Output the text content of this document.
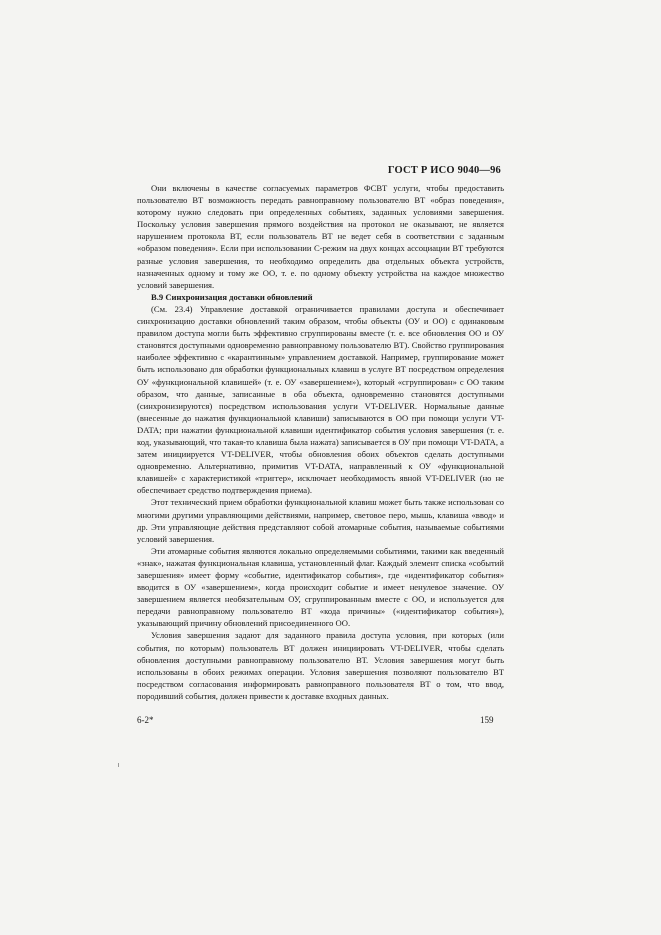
ГОСТ Р ИСО 9040—96

Они включены в качестве согласуемых параметров ФСВТ услуги, чтобы предоставить пользователю ВТ возможность передать равноправному пользователю ВТ «образ поведения», которому нужно следовать при определенных событиях, заданных условиями завершения. Поскольку условия завершения прямого воздействия на протокол не оказывают, не является нарушением протокола ВТ, если пользователь ВТ не ведет себя в соответствии с заданным «образом поведения». Если при использовании С-режим на двух концах ассоциации ВТ требуются разные условия завершения, то необходимо определить два отдельных объекта устройств, назначенных одному и тому же ОО, т. е. по одному объекту устройства на каждое множество условий завершения.

В.9 Синхронизация доставки обновлений

(См. 23.4) Управление доставкой ограничивается правилами доступа и обеспечивает синхронизацию доставки обновлений таким образом, чтобы объекты (ОУ и ОО) с одинаковым правилом доступа могли быть эффективно сгруппированы вместе (т. е. все обновления ОО и ОУ становятся доступными одновременно равноправному пользователю ВТ). Свойство группирования наиболее эффективно с «карантинным» управлением доставкой. Например, группирование может быть использовано для обработки функциональных клавиш в услуге ВТ посредством определения ОУ «функциональной клавишей» (т. е. ОУ «завершением»), который «сгруппирован» с ОО таким образом, что данные, записанные в оба объекта, одновременно становятся доступными (синхронизируются) посредством использования услуги VT-DELIVER. Нормальные данные (внесенные до нажатия функциональной клавиши) записываются в ОО при помощи услуги VT-DATA; при нажатии функциональной клавиши идентификатор события условия завершения (т. е. код, указывающий, что такая-то клавиша была нажата) записывается в ОУ при помощи VT-DATA, а затем инициируется VT-DELIVER, чтобы обновления обоих объектов сделать доступными одновременно. Альтернативно, примитив VT-DATA, направленный к ОУ «функциональной клавишей» с характеристикой «триггер», исключает необходимость явной VT-DELIVER (но не обеспечивает средство подтверждения приема).

Этот технический прием обработки функциональной клавиш может быть также использован со многими другими управляющими действиями, например, световое перо, мышь, клавиша «ввод» и др. Эти управляющие действия представляют собой атомарные события, называемые событиями условий завершения.

Эти атомарные события являются локально определяемыми событиями, такими как введенный «знак», нажатая функциональная клавиша, установленный флаг. Каждый элемент списка «событий завершения» имеет форму «событие, идентификатор события», где «идентификатор события» вводится в ОУ «завершением», когда происходит событие и имеет ненулевое значение. ОУ завершением является необязательным ОУ, сгруппированным вместе с ОО, и используется для передачи равноправному пользователю ВТ «кода причины» («идентификатор события»), указывающий причину обновлений присоединенного ОО.

Условия завершения задают для заданного правила доступа условия, при которых (или события, по которым) пользователь ВТ должен инициировать VT-DELIVER, чтобы сделать обновления доступными равноправному пользователю ВТ. Условия завершения могут быть использованы в обоих режимах операции. Условия завершения позволяют пользователю ВТ посредством согласования информировать равноправного пользователя ВТ о том, что ввод, породивший события, должен привести к доставке входных данных.

6-2*	159
